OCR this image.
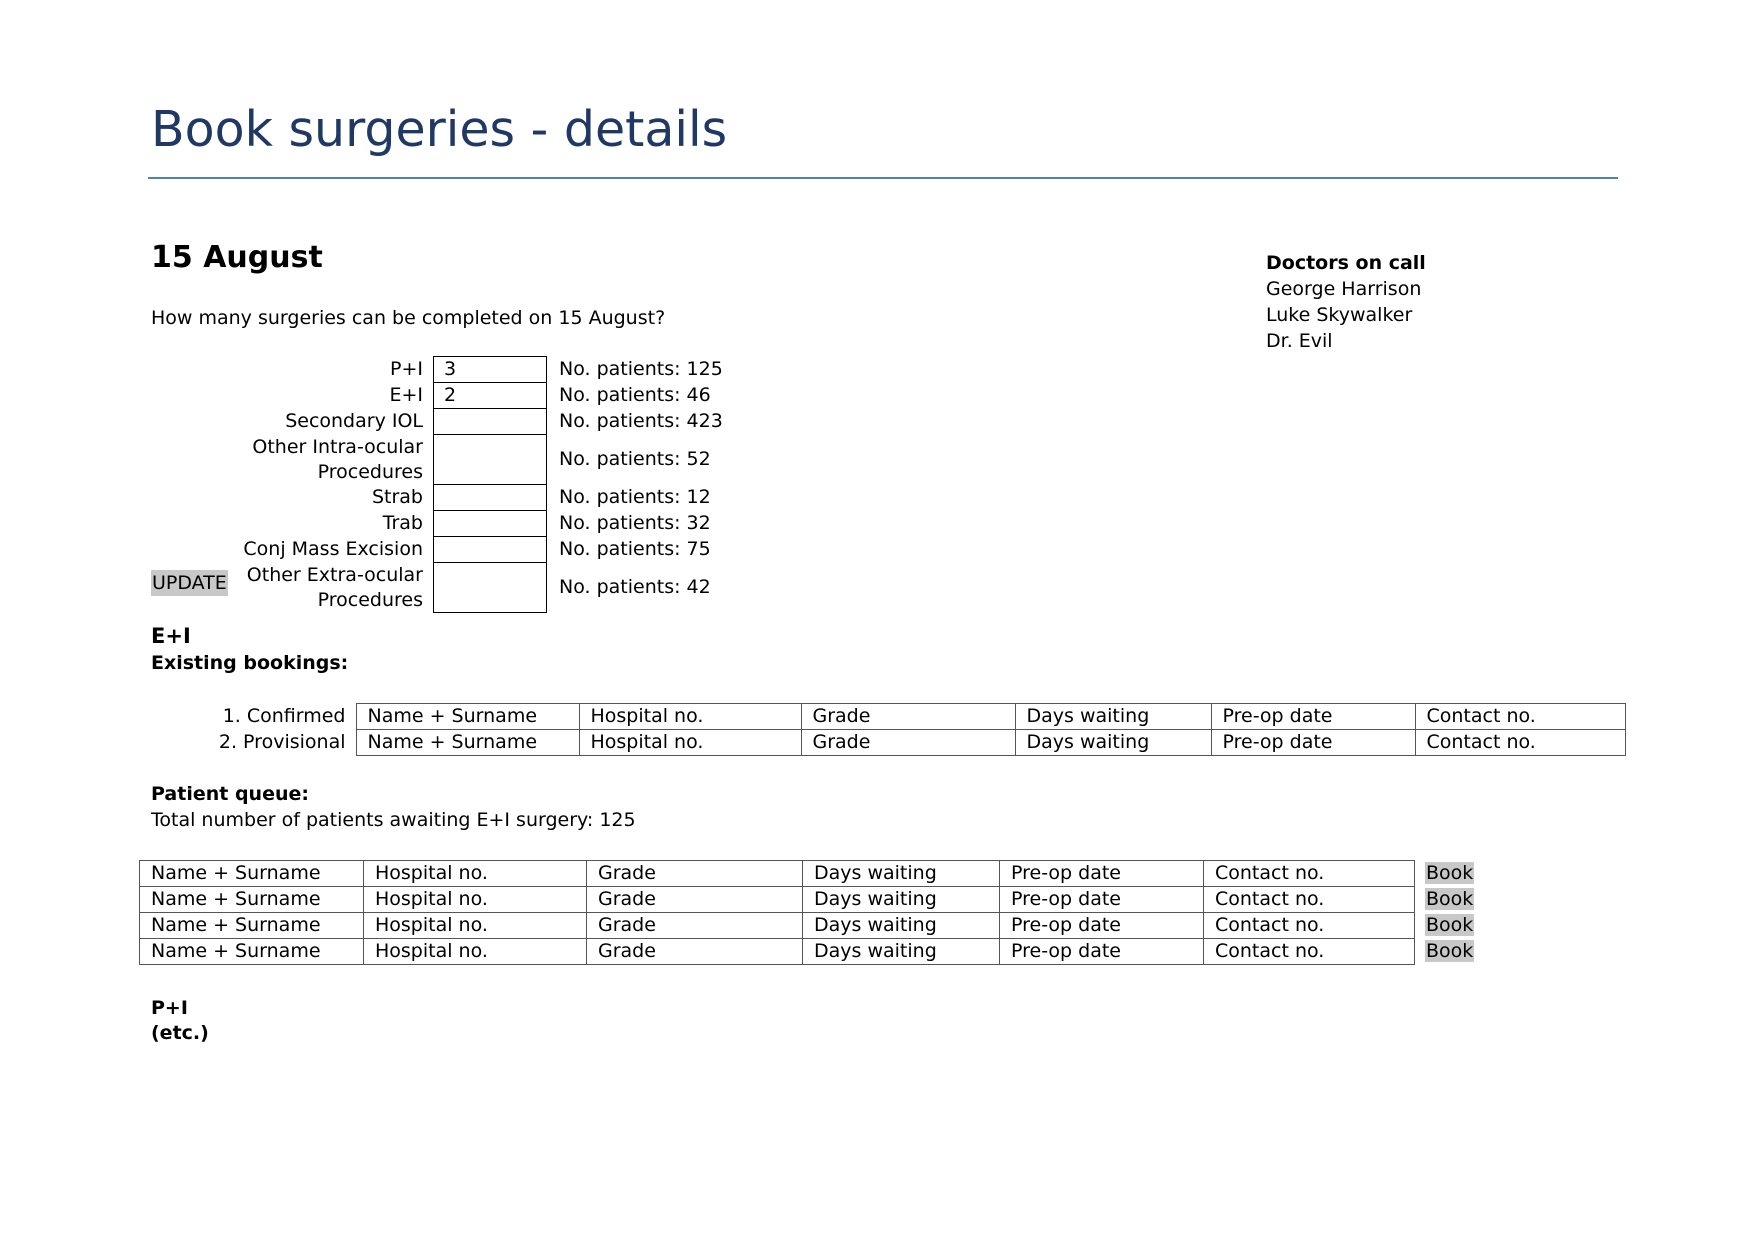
Book surgeries - details
15 August	Doctors on call
George Harrison
Luke Skywalker
Dr. Evil
How many surgeries can be completed on 15 August?
P+I	3	No. patients: 125
E+I	2	No. patients: 46
Secondary IOL		No. patients: 423
Other Intra-ocular Procedures		No. patients: 52
Strab		No. patients: 12
Trab		No. patients: 32
Conj Mass Excision		No. patients: 75
Other Extra-ocular Procedures		No. patients: 42
UPDATE
E+I
Existing bookings:
1. Confirmed	Name + Surname	Hospital no.	Grade	Days waiting	Pre-op date	Contact no.
2. Provisional	Name + Surname	Hospital no.	Grade	Days waiting	Pre-op date	Contact no.
Patient queue:
Total number of patients awaiting E+I surgery: 125
Name + Surname	Hospital no.	Grade	Days waiting	Pre-op date	Contact no.	Book
Name + Surname	Hospital no.	Grade	Days waiting	Pre-op date	Contact no.	Book
Name + Surname	Hospital no.	Grade	Days waiting	Pre-op date	Contact no.	Book
Name + Surname	Hospital no.	Grade	Days waiting	Pre-op date	Contact no.	Book
P+I
(etc.)
